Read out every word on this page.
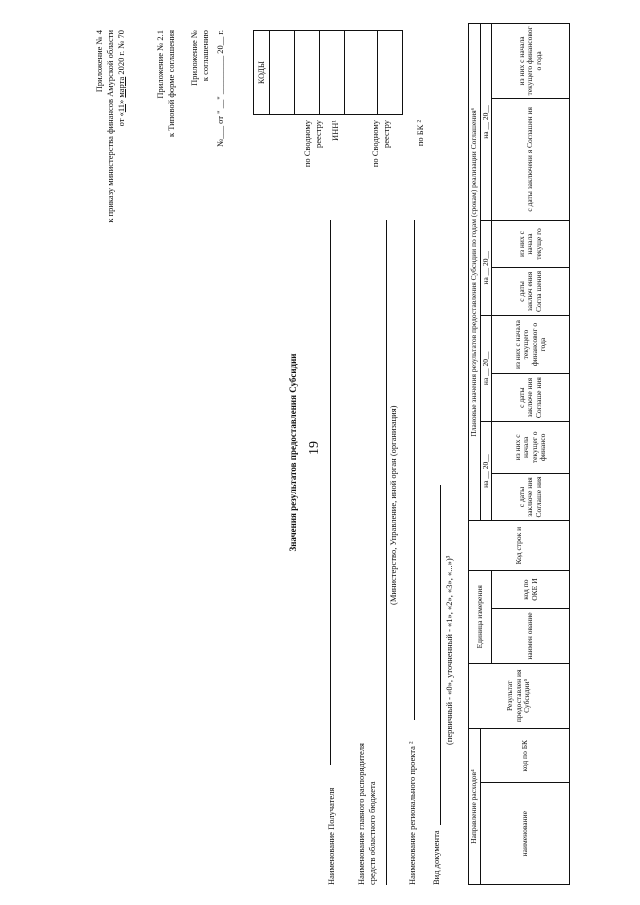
19
Приложение № 4 к приказу министерства финансов Амурской области от «11» марта 2020 г. № 70	Приложение № 2.1 к Типовой форме соглашения Приложение № к соглашению №___ от " __" _________ 20__ г.
Значения результатов предоставления Субсидии
КОДЫ

по Сводному реестру ИНН¹	по Сводному реестру	по БК ²
Наименование Получателя Наименование главного распорядителя средств областного бюджета
(Министерство, Управление, иной орган (организация)
Наименование регионального проекта ² Вид документа
(первичный - «0», уточненный - «1», «2», «3», «...»)³
Направление расходов⁴		Результат предоставлен ия Субсидии⁵	Единица измерения		Код строк и	Плановые значения результатов предоставления Субсидии по годам (срокам) реализации Соглашения⁶							
наименование	код по БК					на __ 20__		на __ 20__		на __ 20__		на __ 20__	
			наимен ование	код по ОКЕ И		с даты заключе ния Соглаше ния	из них с начала текущег о финансо	с даты заключе ния Соглаше ния	из них с начала текущего финансовог о года	с даты заключ ения Согла шения	из них с начала текуще го	с даты заключени я Соглашен ия	из них с начала текущего финансовог о года
